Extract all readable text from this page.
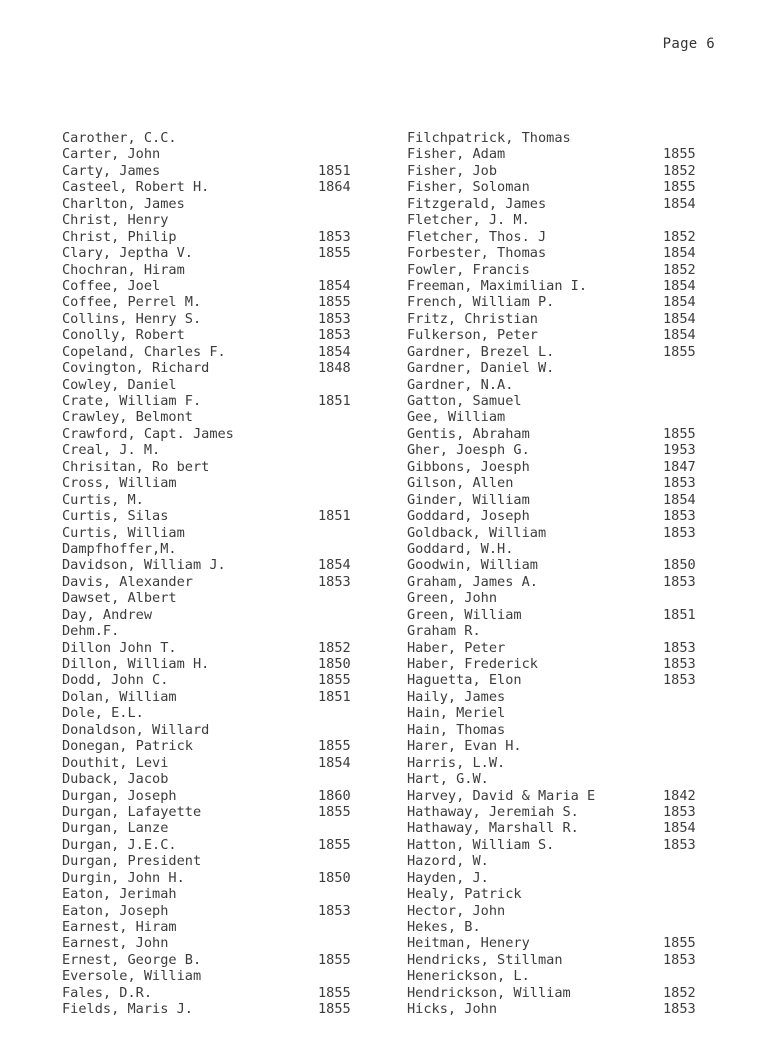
Page 6
Carother, C.C.
Carter, John
Carty, James	1851
Casteel, Robert H.	1864
Charlton, James
Christ, Henry
Christ, Philip	1853
Clary, Jeptha V.	1855
Chochran, Hiram
Coffee, Joel	1854
Coffee, Perrel M.	1855
Collins, Henry S.	1853
Conolly, Robert	1853
Copeland, Charles F.	1854
Covington, Richard	1848
Cowley, Daniel
Crate, William F.	1851
Crawley, Belmont
Crawford, Capt. James
Creal, J. M.
Chrisitan, Ro bert
Cross, William
Curtis, M.
Curtis, Silas	1851
Curtis, William
Dampfhoffer,M.
Davidson, William J.	1854
Davis, Alexander	1853
Dawset, Albert
Day, Andrew
Dehm.F.
Dillon John T.	1852
Dillon, William H.	1850
Dodd, John C.	1855
Dolan, William	1851
Dole, E.L.
Donaldson, Willard
Donegan, Patrick	1855
Douthit, Levi	1854
Duback, Jacob
Durgan, Joseph	1860
Durgan, Lafayette	1855
Durgan, Lanze
Durgan, J.E.C.	1855
Durgan, President
Durgin, John H.	1850
Eaton, Jerimah
Eaton, Joseph	1853
Earnest, Hiram
Earnest, John
Ernest, George B.	1855
Eversole, William
Fales, D.R.	1855
Fields, Maris J.	1855
Filchpatrick, Thomas
Fisher, Adam	1855
Fisher, Job	1852
Fisher, Soloman	1855
Fitzgerald, James	1854
Fletcher, J. M.
Fletcher, Thos. J	1852
Forbester, Thomas	1854
Fowler, Francis	1852
Freeman, Maximilian I.	1854
French, William P.	1854
Fritz, Christian	1854
Fulkerson, Peter	1854
Gardner, Brezel L.	1855
Gardner, Daniel W.
Gardner, N.A.
Gatton, Samuel
Gee, William
Gentis, Abraham	1855
Gher, Joesph G.	1953
Gibbons, Joesph	1847
Gilson, Allen	1853
Ginder, William	1854
Goddard, Joseph	1853
Goldback, William	1853
Goddard, W.H.
Goodwin, William	1850
Graham, James A.	1853
Green, John
Green, William	1851
Graham R.
Haber, Peter	1853
Haber, Frederick	1853
Haguetta, Elon	1853
Haily, James
Hain, Meriel
Hain, Thomas
Harer, Evan H.
Harris, L.W.
Hart, G.W.
Harvey, David & Maria E	1842
Hathaway, Jeremiah S.	1853
Hathaway, Marshall R.	1854
Hatton, William S.	1853
Hazord, W.
Hayden, J.
Healy, Patrick
Hector, John
Hekes, B.
Heitman, Henery	1855
Hendricks, Stillman	1853
Henerickson, L.
Hendrickson, William	1852
Hicks, John	1853
